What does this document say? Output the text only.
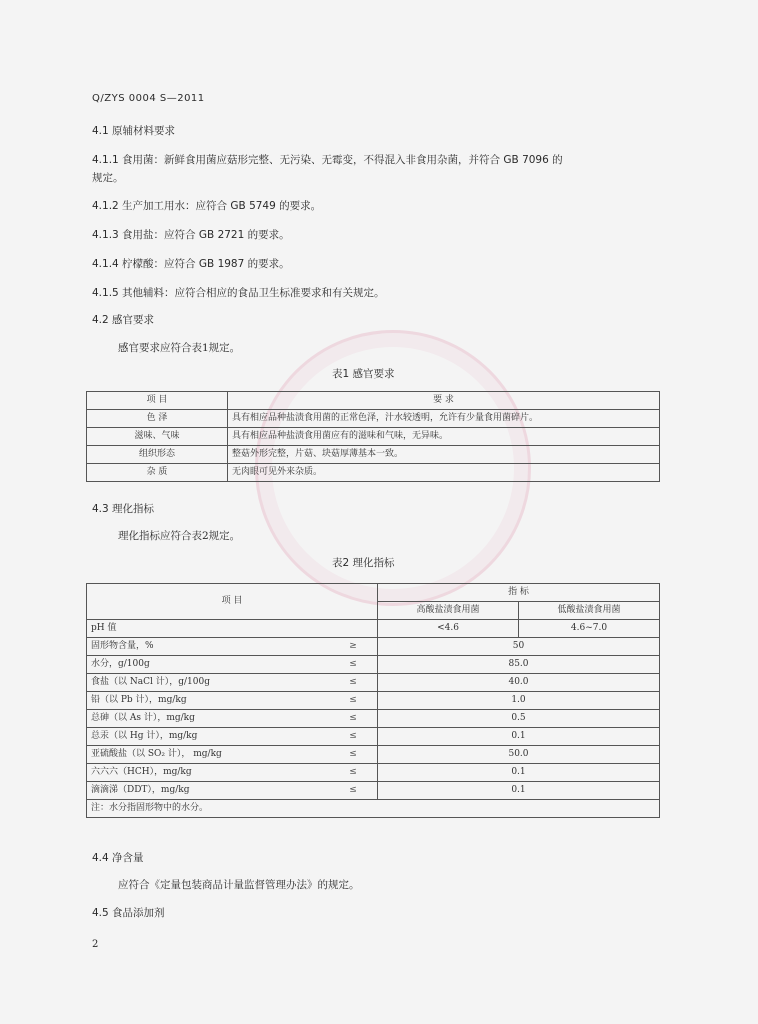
Q/ZYS 0004 S—2011
4.1 原辅材料要求
4.1.1 食用菌：新鲜食用菌应菇形完整、无污染、无霉变，不得混入非食用杂菌，并符合 GB 7096 的
规定。
4.1.2 生产加工用水：应符合 GB 5749 的要求。
4.1.3 食用盐：应符合 GB 2721 的要求。
4.1.4 柠檬酸：应符合 GB 1987 的要求。
4.1.5 其他辅料：应符合相应的食品卫生标准要求和有关规定。
4.2 感官要求
感官要求应符合表1规定。
表1 感官要求
项 目	要 求
色 泽	具有相应品种盐渍食用菌的正常色泽，汁水较透明，允许有少量食用菌碎片。
滋味、气味	具有相应品种盐渍食用菌应有的滋味和气味，无异味。
组织形态	整菇外形完整，片菇、块菇厚薄基本一致。
杂 质	无肉眼可见外来杂质。
4.3 理化指标
理化指标应符合表2规定。
表2 理化指标
项 目		指 标	
		高酸盐渍食用菌	低酸盐渍食用菌
pH 值		<4.6	4.6~7.0
固形物含量，%	≥	50	
水分，g/100g	≤	85.0	
食盐（以 NaCl 计），g/100g	≤	40.0	
铅（以 Pb 计），mg/kg	≤	1.0	
总砷（以 As 计），mg/kg	≤	0.5	
总汞（以 Hg 计），mg/kg	≤	0.1	
亚硫酸盐（以 SO₂ 计）， mg/kg	≤	50.0	
六六六（HCH），mg/kg	≤	0.1	
滴滴涕（DDT），mg/kg	≤	0.1	
注：水分指固形物中的水分。			
4.4 净含量
应符合《定量包装商品计量监督管理办法》的规定。
4.5 食品添加剂
2
